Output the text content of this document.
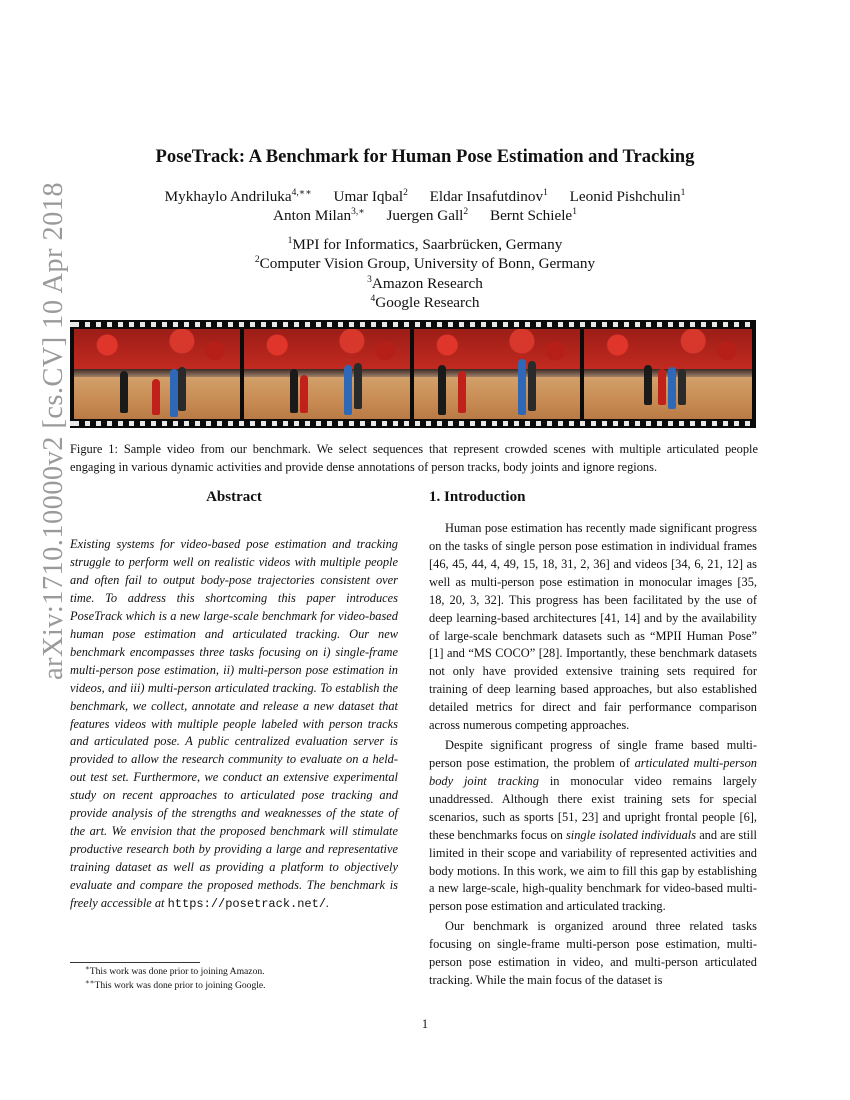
arXiv:1710.10000v2 [cs.CV] 10 Apr 2018
PoseTrack: A Benchmark for Human Pose Estimation and Tracking
Mykhaylo Andriluka$^{4,∗∗}$ Umar Iqbal$^2$ Eldar Insafutdinov$^1$ Leonid Pishchulin$^1$
Anton Milan$^{3,∗}$ Juergen Gall$^2$ Bernt Schiele$^1$
$^1$MPI for Informatics, Saarbrücken, Germany
$^2$Computer Vision Group, University of Bonn, Germany
$^3$Amazon Research
$^4$Google Research
Figure 1: Sample video from our benchmark. We select sequences that represent crowded scenes with multiple articulated people engaging in various dynamic activities and provide dense annotations of person tracks, body joints and ignore regions.
Abstract	1. Introduction
Existing systems for video-based pose estimation and tracking struggle to perform well on realistic videos with multiple people and often fail to output body-pose trajectories consistent over time. To address this shortcoming this paper introduces PoseTrack which is a new large-scale benchmark for video-based human pose estimation and articulated tracking. Our new benchmark encompasses three tasks focusing on i) single-frame multi-person pose estimation, ii) multi-person pose estimation in videos, and iii) multi-person articulated tracking. To establish the benchmark, we collect, annotate and release a new dataset that features videos with multiple people labeled with person tracks and articulated pose. A public centralized evaluation server is provided to allow the research community to evaluate on a held-out test set. Furthermore, we conduct an extensive experimental study on recent approaches to articulated pose tracking and provide analysis of the strengths and weaknesses of the state of the art. We envision that the proposed benchmark will stimulate productive research both by providing a large and representative training dataset as well as providing a platform to objectively evaluate and compare the proposed methods. The benchmark is freely accessible at https://posetrack.net/.

Human pose estimation has recently made significant progress on the tasks of single person pose estimation in individual frames [46, 45, 44, 4, 49, 15, 18, 31, 2, 36] and videos [34, 6, 21, 12] as well as multi-person pose estimation in monocular images [35, 18, 20, 3, 32]. This progress has been facilitated by the use of deep learning-based architectures [41, 14] and by the availability of large-scale benchmark datasets such as “MPII Human Pose” [1] and “MS COCO” [28]. Importantly, these benchmark datasets not only have provided extensive training sets required for training of deep learning based approaches, but also established detailed metrics for direct and fair performance comparison across numerous competing approaches.

Despite significant progress of single frame based multi-person pose estimation, the problem of articulated multi-person body joint tracking in monocular video remains largely unaddressed. Although there exist training sets for special scenarios, such as sports [51, 23] and upright frontal people [6], these benchmarks focus on single isolated individuals and are still limited in their scope and variability of represented activities and body motions. In this work, we aim to fill this gap by establishing a new large-scale, high-quality benchmark for video-based multi-person pose estimation and articulated tracking.

Our benchmark is organized around three related tasks focusing on single-frame multi-person pose estimation, multi-person pose estimation in video, and multi-person articulated tracking. While the main focus of the dataset is

∗This work was done prior to joining Amazon.
∗∗This work was done prior to joining Google.
1
